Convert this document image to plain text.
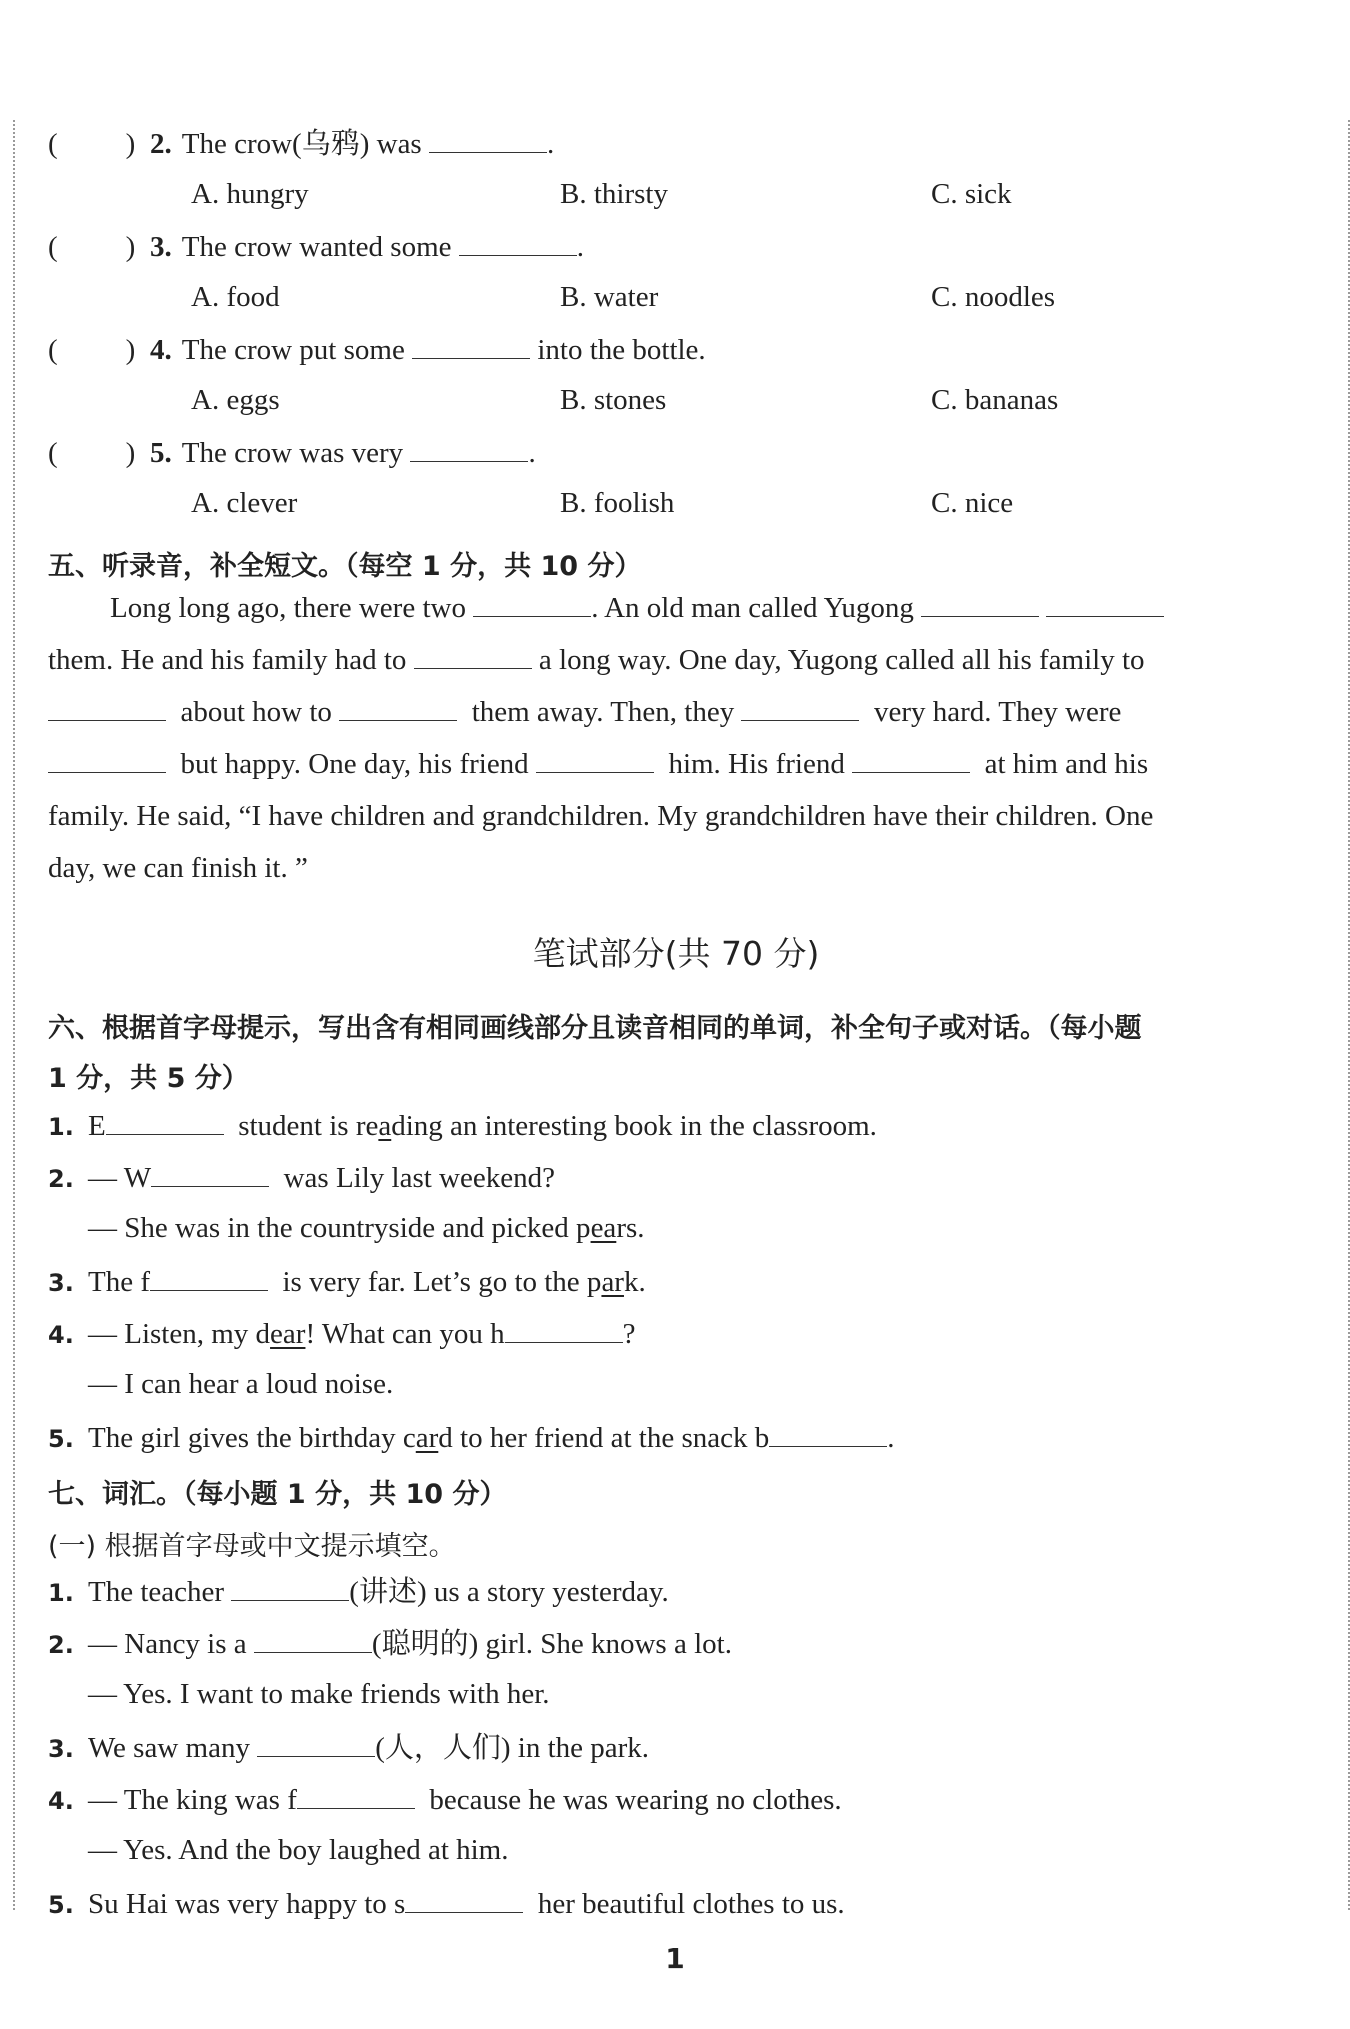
( ) 2. The crow(乌鸦) was	.
A. hungry	B. thirsty	C. sick
( ) 3. The crow wanted some	.
A. food	B. water	C. noodles
( ) 4. The crow put some	into the bottle.
A. eggs	B. stones	C. bananas
( ) 5. The crow was very	.
A. clever	B. foolish	C. nice
五、听录音，补全短文。（每空 1 分，共 10 分）
Long long ago, there were two	. An old man called Yugong
them. He and his family had to	a long way. One day, Yugong called all his family to
about how to	them away. Then, they	very hard. They were
but happy. One day, his friend	him. His friend	at him and his
family. He said, “I have children and grandchildren. My grandchildren have their children. One
day, we can finish it. ”
笔试部分(共 70 分)
六、根据首字母提示，写出含有相同画线部分且读音相同的单词，补全句子或对话。（每小题
1 分，共 5 分）
1. E	student is reading an interesting book in the classroom.
2. — W	was Lily last weekend?
— She was in the countryside and picked pears.
3. The f	is very far. Let’s go to the park.
4. — Listen, my dear! What can you h	?
— I can hear a loud noise.
5. The girl gives the birthday card to her friend at the snack b	.
七、词汇。（每小题 1 分，共 10 分）
(一) 根据首字母或中文提示填空。
1. The teacher	(讲述) us a story yesterday.
2. — Nancy is a	(聪明的) girl. She knows a lot.
— Yes. I want to make friends with her.
3. We saw many	(人，人们) in the park.
4. — The king was f	because he was wearing no clothes.
— Yes. And the boy laughed at him.
5. Su Hai was very happy to s	her beautiful clothes to us.
1
